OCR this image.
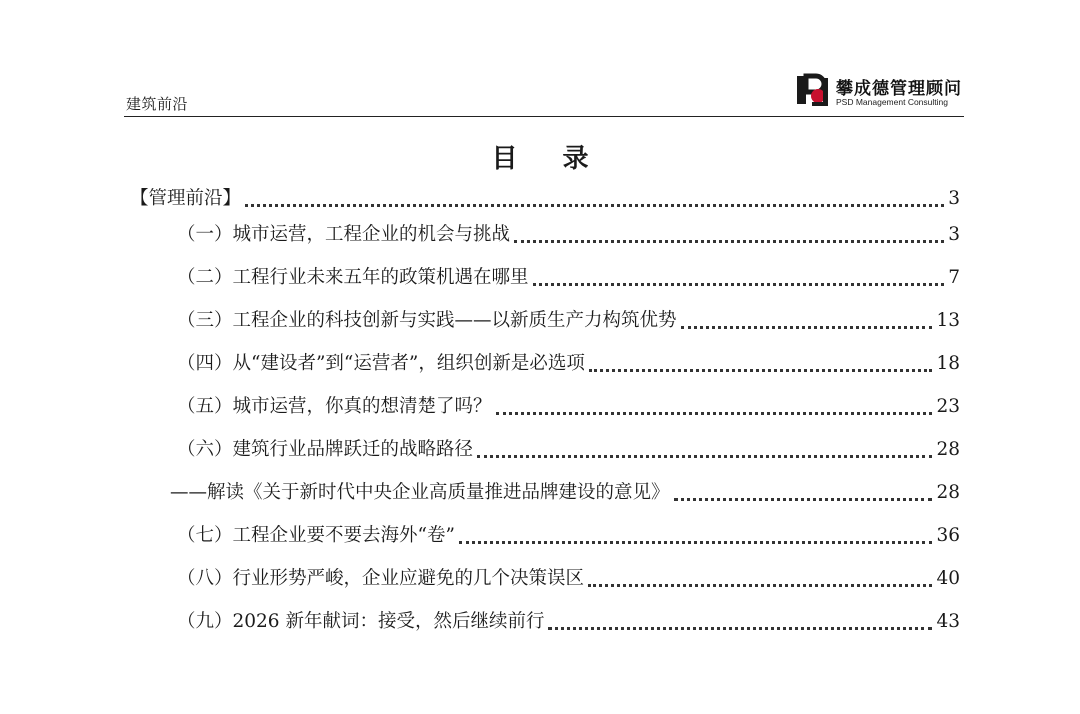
建筑前沿
攀成德管理顾问
PSD Management Consulting
目 录
【管理前沿】	3
（一）城市运营，工程企业的机会与挑战	3
（二）工程行业未来五年的政策机遇在哪里	7
（三）工程企业的科技创新与实践——以新质生产力构筑优势	13
（四）从“建设者”到“运营者”，组织创新是必选项	18
（五）城市运营，你真的想清楚了吗？	23
（六）建筑行业品牌跃迁的战略路径	28
——解读《关于新时代中央企业高质量推进品牌建设的意见》	28
（七）工程企业要不要去海外“卷”	36
（八）行业形势严峻，企业应避免的几个决策误区	40
（九）2026 新年献词：接受，然后继续前行	43
